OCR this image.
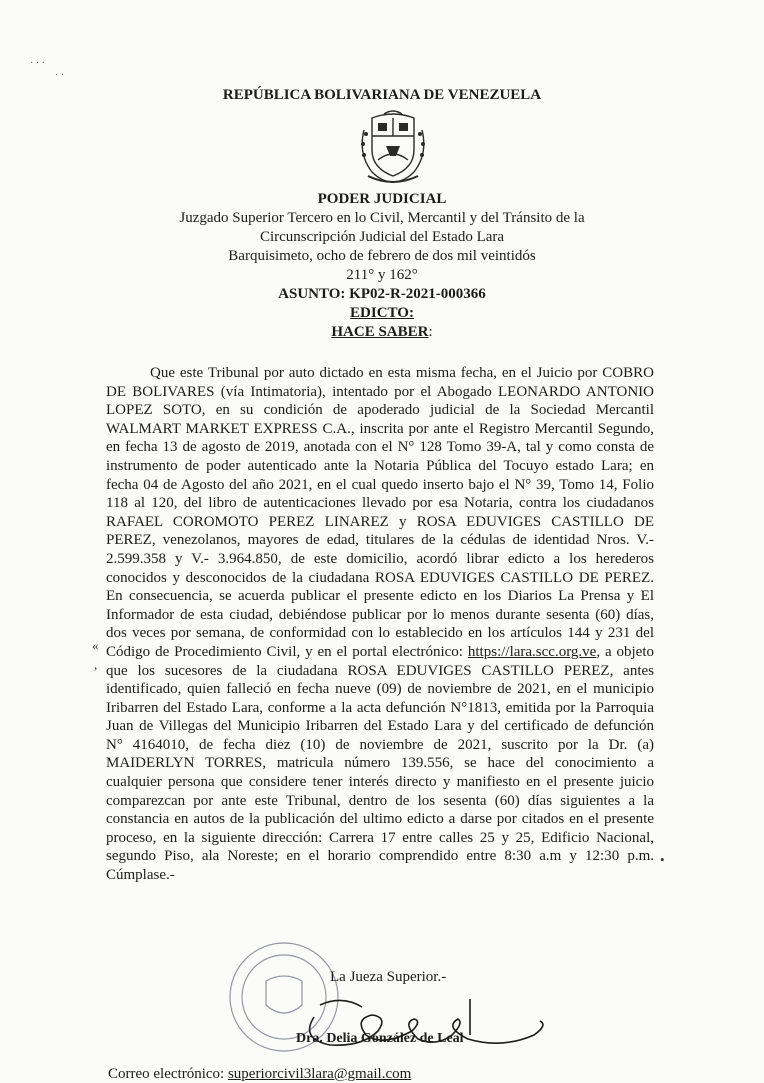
· · ·
· ·
REPÚBLICA BOLIVARIANA DE VENEZUELA
PODER JUDICIAL
Juzgado Superior Tercero en lo Civil, Mercantil y del Tránsito de la
Circunscripción Judicial del Estado Lara
Barquisimeto, ocho de febrero de dos mil veintidós
211° y 162°
ASUNTO: KP02-R-2021-000366
EDICTO:
HACE SABER:

Que este Tribunal por auto dictado en esta misma fecha, en el Juicio por COBRO DE BOLIVARES (vía Intimatoria), intentado por el Abogado LEONARDO ANTONIO LOPEZ SOTO, en su condición de apoderado judicial de la Sociedad Mercantil WALMART MARKET EXPRESS C.A., inscrita por ante el Registro Mercantil Segundo, en fecha 13 de agosto de 2019, anotada con el N° 128 Tomo 39-A, tal y como consta de instrumento de poder autenticado ante la Notaria Pública del Tocuyo estado Lara; en fecha 04 de Agosto del año 2021, en el cual quedo inserto bajo el N° 39, Tomo 14, Folio 118 al 120, del libro de autenticaciones llevado por esa Notaria, contra los ciudadanos RAFAEL COROMOTO PEREZ LINAREZ y ROSA EDUVIGES CASTILLO DE PEREZ, venezolanos, mayores de edad, titulares de la cédulas de identidad Nros. V.- 2.599.358 y V.- 3.964.850, de este domicilio, acordó librar edicto a los herederos conocidos y desconocidos de la ciudadana ROSA EDUVIGES CASTILLO DE PEREZ. En consecuencia, se acuerda publicar el presente edicto en los Diarios La Prensa y El Informador de esta ciudad, debiéndose publicar por lo menos durante sesenta (60) días, dos veces por semana, de conformidad con lo establecido en los artículos 144 y 231 del Código de Procedimiento Civil, y en el portal electrónico: https://lara.scc.org.ve, a objeto que los sucesores de la ciudadana ROSA EDUVIGES CASTILLO PEREZ, antes identificado, quien falleció en fecha nueve (09) de noviembre de 2021, en el municipio Iribarren del Estado Lara, conforme a la acta defunción N°1813, emitida por la Parroquia Juan de Villegas del Municipio Iribarren del Estado Lara y del certificado de defunción N° 4164010, de fecha diez (10) de noviembre de 2021, suscrito por la Dr. (a) MAIDERLYN TORRES, matricula número 139.556, se hace del conocimiento a cualquier persona que considere tener interés directo y manifiesto en el presente juicio comparezcan por ante este Tribunal, dentro de los sesenta (60) días siguientes a la constancia en autos de la publicación del ultimo edicto a darse por citados en el presente proceso, en la siguiente dirección: Carrera 17 entre calles 25 y 25, Edificio Nacional, segundo Piso, ala Noreste; en el horario comprendido entre 8:30 a.m y 12:30 p.m. Cúmplase.-

«
,
•
La Jueza Superior.-
Dra. Delia González de Leal
Correo electrónico: superiorcivil3lara@gmail.com
